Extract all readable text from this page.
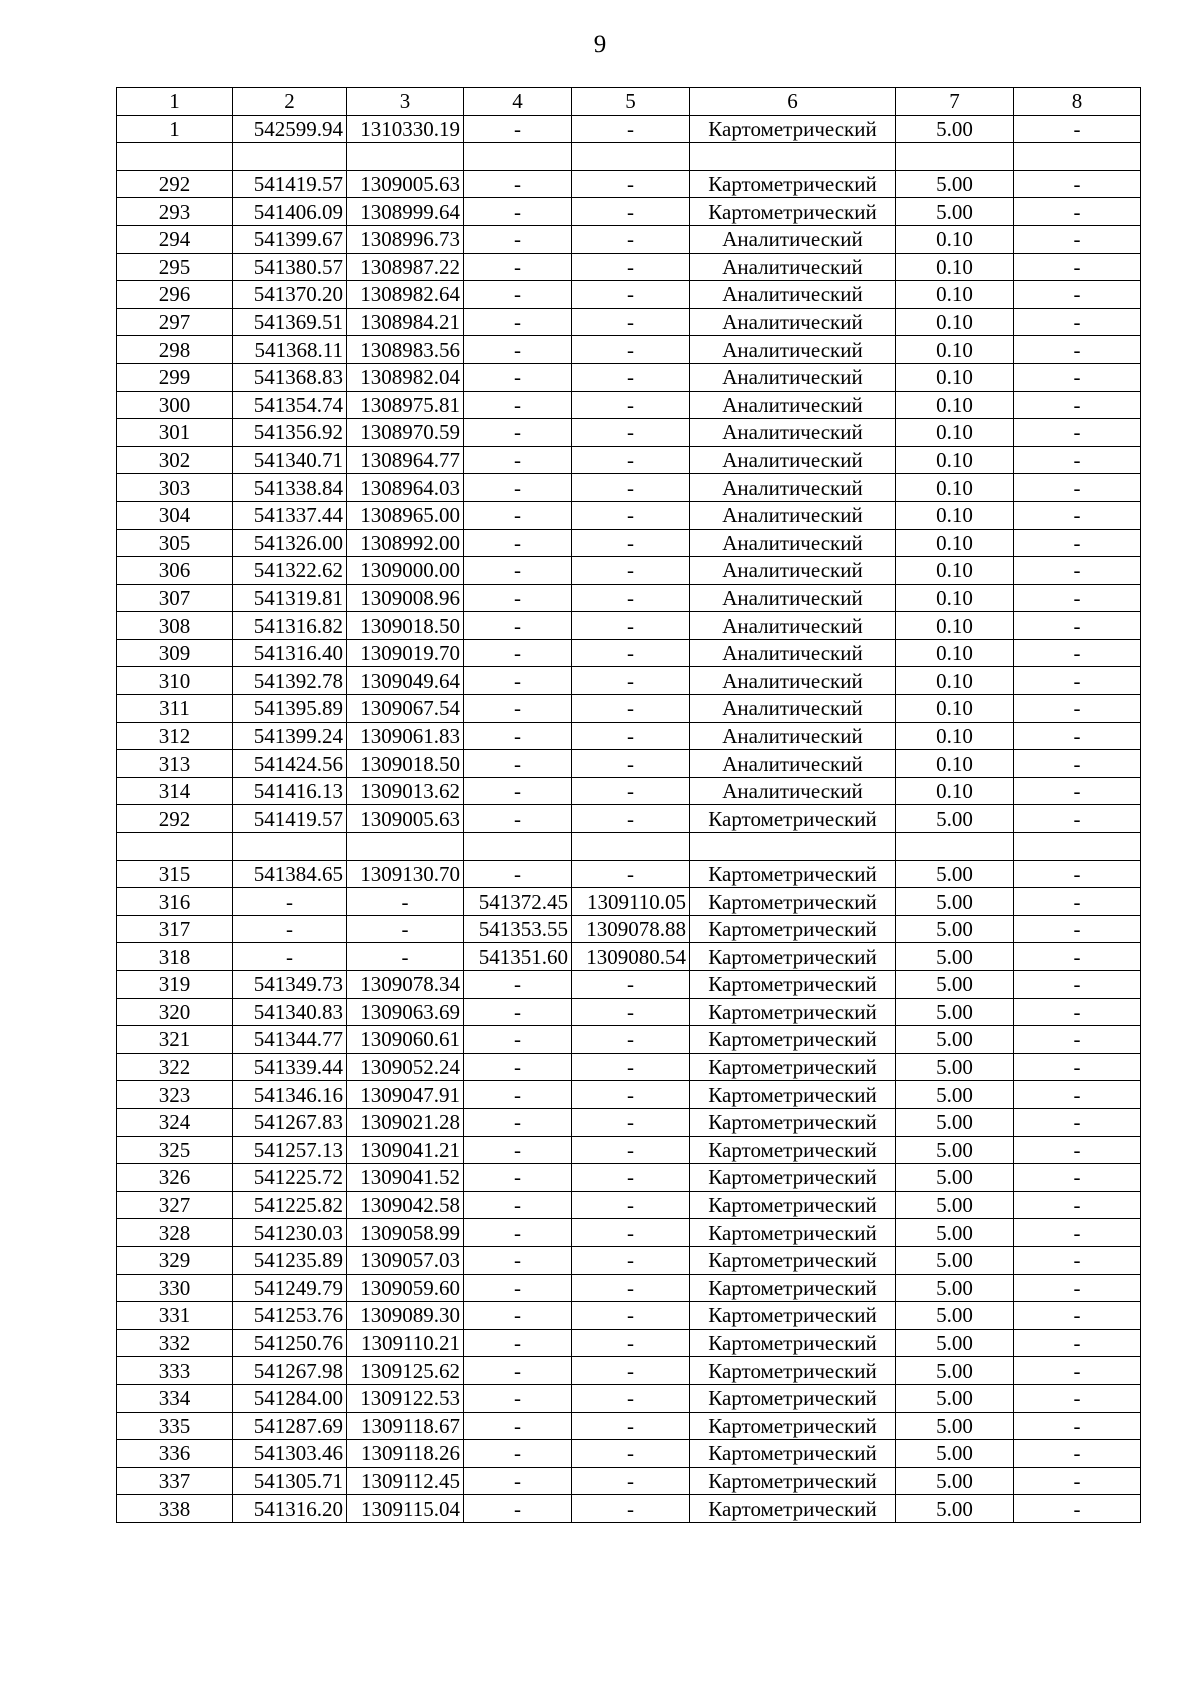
9
1	2	3	4	5	6	7	8
1	542599.94	1310330.19	-	-	Картометрический	5.00	-

292	541419.57	1309005.63	-	-	Картометрический	5.00	-
293	541406.09	1308999.64	-	-	Картометрический	5.00	-
294	541399.67	1308996.73	-	-	Аналитический	0.10	-
295	541380.57	1308987.22	-	-	Аналитический	0.10	-
296	541370.20	1308982.64	-	-	Аналитический	0.10	-
297	541369.51	1308984.21	-	-	Аналитический	0.10	-
298	541368.11	1308983.56	-	-	Аналитический	0.10	-
299	541368.83	1308982.04	-	-	Аналитический	0.10	-
300	541354.74	1308975.81	-	-	Аналитический	0.10	-
301	541356.92	1308970.59	-	-	Аналитический	0.10	-
302	541340.71	1308964.77	-	-	Аналитический	0.10	-
303	541338.84	1308964.03	-	-	Аналитический	0.10	-
304	541337.44	1308965.00	-	-	Аналитический	0.10	-
305	541326.00	1308992.00	-	-	Аналитический	0.10	-
306	541322.62	1309000.00	-	-	Аналитический	0.10	-
307	541319.81	1309008.96	-	-	Аналитический	0.10	-
308	541316.82	1309018.50	-	-	Аналитический	0.10	-
309	541316.40	1309019.70	-	-	Аналитический	0.10	-
310	541392.78	1309049.64	-	-	Аналитический	0.10	-
311	541395.89	1309067.54	-	-	Аналитический	0.10	-
312	541399.24	1309061.83	-	-	Аналитический	0.10	-
313	541424.56	1309018.50	-	-	Аналитический	0.10	-
314	541416.13	1309013.62	-	-	Аналитический	0.10	-
292	541419.57	1309005.63	-	-	Картометрический	5.00	-

315	541384.65	1309130.70	-	-	Картометрический	5.00	-
316	-	-	541372.45	1309110.05	Картометрический	5.00	-
317	-	-	541353.55	1309078.88	Картометрический	5.00	-
318	-	-	541351.60	1309080.54	Картометрический	5.00	-
319	541349.73	1309078.34	-	-	Картометрический	5.00	-
320	541340.83	1309063.69	-	-	Картометрический	5.00	-
321	541344.77	1309060.61	-	-	Картометрический	5.00	-
322	541339.44	1309052.24	-	-	Картометрический	5.00	-
323	541346.16	1309047.91	-	-	Картометрический	5.00	-
324	541267.83	1309021.28	-	-	Картометрический	5.00	-
325	541257.13	1309041.21	-	-	Картометрический	5.00	-
326	541225.72	1309041.52	-	-	Картометрический	5.00	-
327	541225.82	1309042.58	-	-	Картометрический	5.00	-
328	541230.03	1309058.99	-	-	Картометрический	5.00	-
329	541235.89	1309057.03	-	-	Картометрический	5.00	-
330	541249.79	1309059.60	-	-	Картометрический	5.00	-
331	541253.76	1309089.30	-	-	Картометрический	5.00	-
332	541250.76	1309110.21	-	-	Картометрический	5.00	-
333	541267.98	1309125.62	-	-	Картометрический	5.00	-
334	541284.00	1309122.53	-	-	Картометрический	5.00	-
335	541287.69	1309118.67	-	-	Картометрический	5.00	-
336	541303.46	1309118.26	-	-	Картометрический	5.00	-
337	541305.71	1309112.45	-	-	Картометрический	5.00	-
338	541316.20	1309115.04	-	-	Картометрический	5.00	-
